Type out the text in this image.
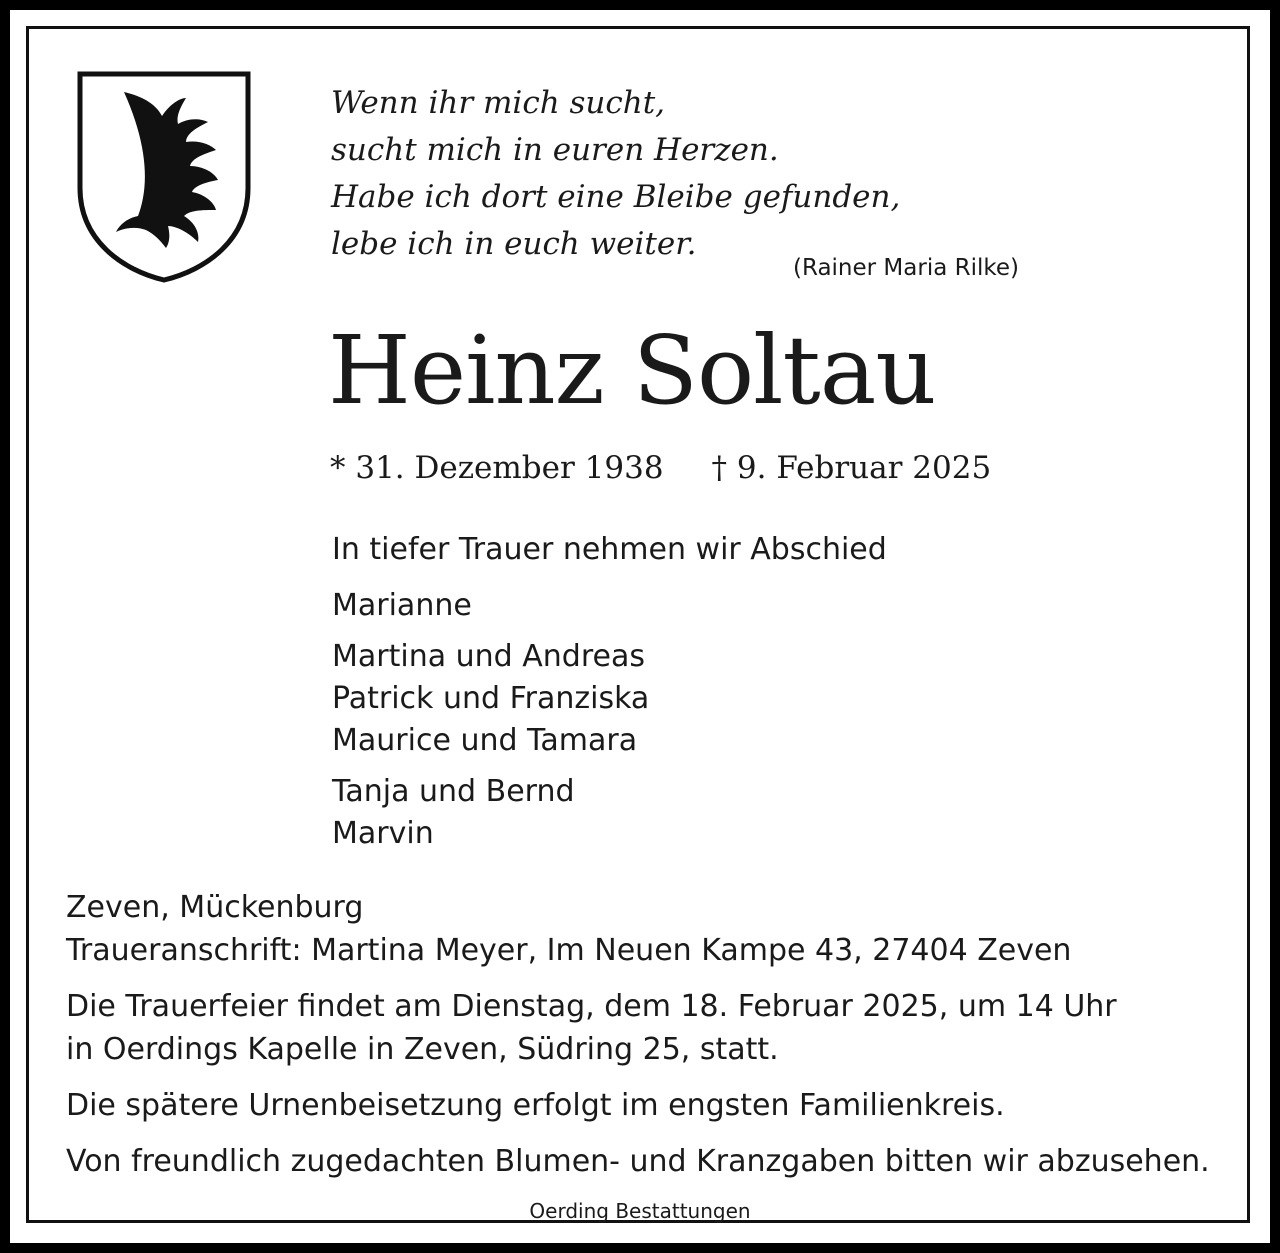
Wenn ihr mich sucht,
sucht mich in euren Herzen.
Habe ich dort eine Bleibe gefunden,
lebe ich in euch weiter.
(Rainer Maria Rilke)
Heinz Soltau
* 31. Dezember 1938 † 9. Februar 2025
In tiefer Trauer nehmen wir Abschied
Marianne
Martina und Andreas
Patrick und Franziska
Maurice und Tamara
Tanja und Bernd
Marvin
Zeven, Mückenburg
Traueranschrift: Martina Meyer, Im Neuen Kampe 43, 27404 Zeven
Die Trauerfeier findet am Dienstag, dem 18. Februar 2025, um 14 Uhr
in Oerdings Kapelle in Zeven, Südring 25, statt.
Die spätere Urnenbeisetzung erfolgt im engsten Familienkreis.
Von freundlich zugedachten Blumen- und Kranzgaben bitten wir abzusehen.
Oerding Bestattungen
